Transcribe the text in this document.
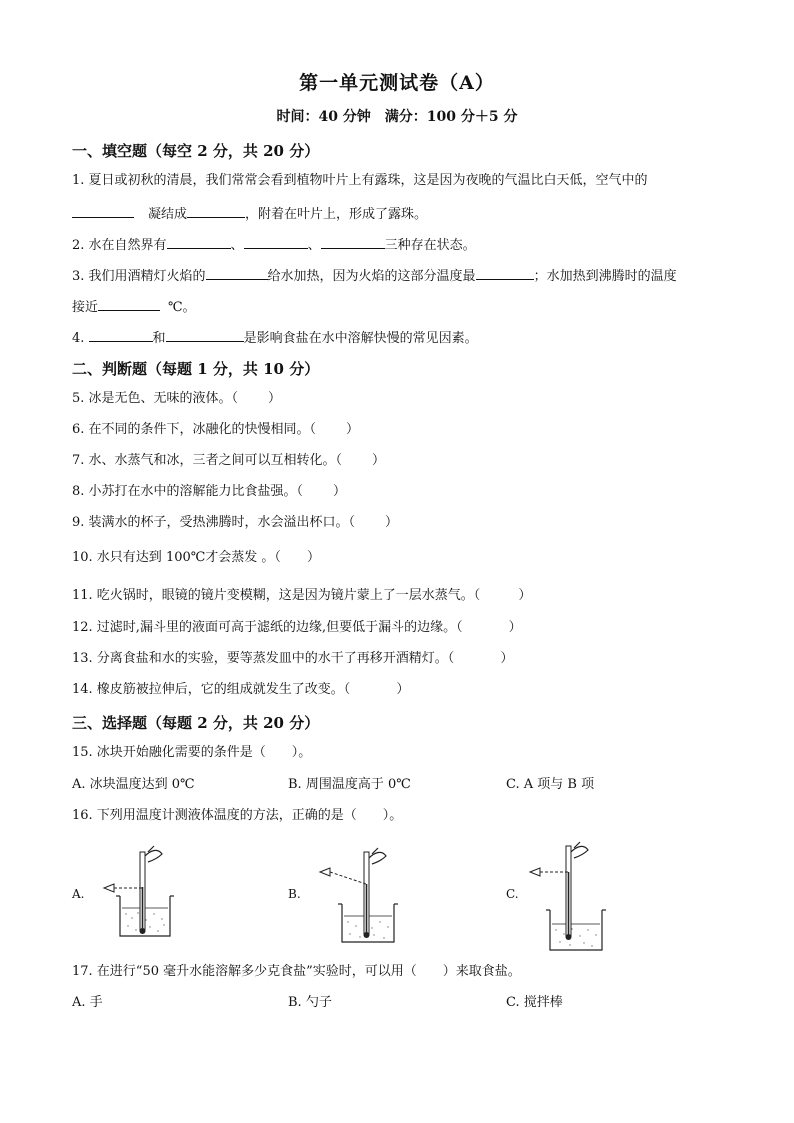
第一单元测试卷（A）
时间：40 分钟　满分：100 分＋5 分
一、填空题（每空 2 分，共 20 分）
1. 夏日或初秋的清晨，我们常常会看到植物叶片上有露珠，这是因为夜晚的气温比白天低，空气中的
凝结成	，附着在叶片上，形成了露珠。
2. 水在自然界有	、	、	三种存在状态。
3. 我们用酒精灯火焰的	给水加热，因为火焰的这部分温度最	；水加热到沸腾时的温度
接近	℃。
4.	和	是影响食盐在水中溶解快慢的常见因素。
二、判断题（每题 1 分，共 10 分）
5. 冰是无色、无味的液体。（ ）
6. 在不同的条件下，冰融化的快慢相同。（ ）
7. 水、水蒸气和冰，三者之间可以互相转化。（ ）
8. 小苏打在水中的溶解能力比食盐强。（ ）
9. 装满水的杯子，受热沸腾时，水会溢出杯口。（ ）
10. 水只有达到 100℃才会蒸发 。（ ）
11. 吃火锅时，眼镜的镜片变模糊，这是因为镜片蒙上了一层水蒸气。（	）
12. 过滤时,漏斗里的液面可高于滤纸的边缘,但要低于漏斗的边缘。（	）
13. 分离食盐和水的实验，要等蒸发皿中的水干了再移开酒精灯。（	）
14. 橡皮筋被拉伸后，它的组成就发生了改变。（	）
三、选择题（每题 2 分，共 20 分）
15. 冰块开始融化需要的条件是（　　）。
A. 冰块温度达到 0℃	B. 周围温度高于 0℃	C. A 项与 B 项
16. 下列用温度计测液体温度的方法，正确的是（　　）。
A.	B.	C.
17. 在进行“50 毫升水能溶解多少克食盐”实验时，可以用（　　）来取食盐。
A. 手	B. 勺子	C. 搅拌棒
